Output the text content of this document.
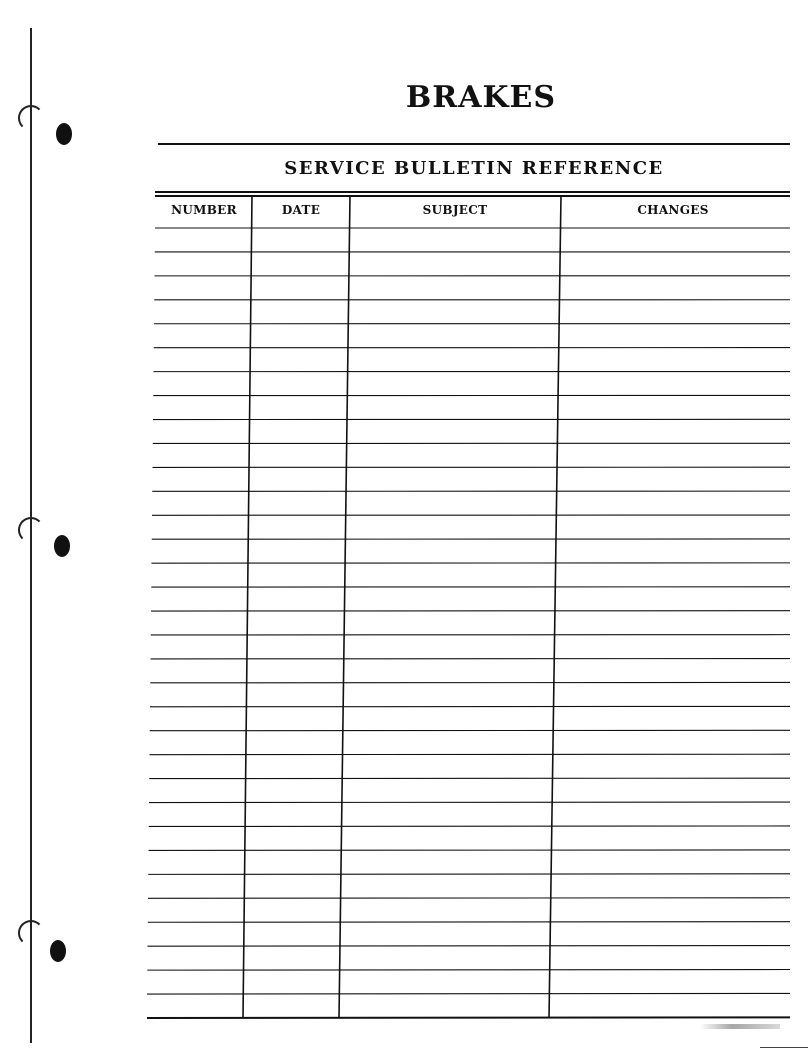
BRAKES
SERVICE BULLETIN REFERENCE
NUMBER	DATE	SUBJECT	CHANGES
